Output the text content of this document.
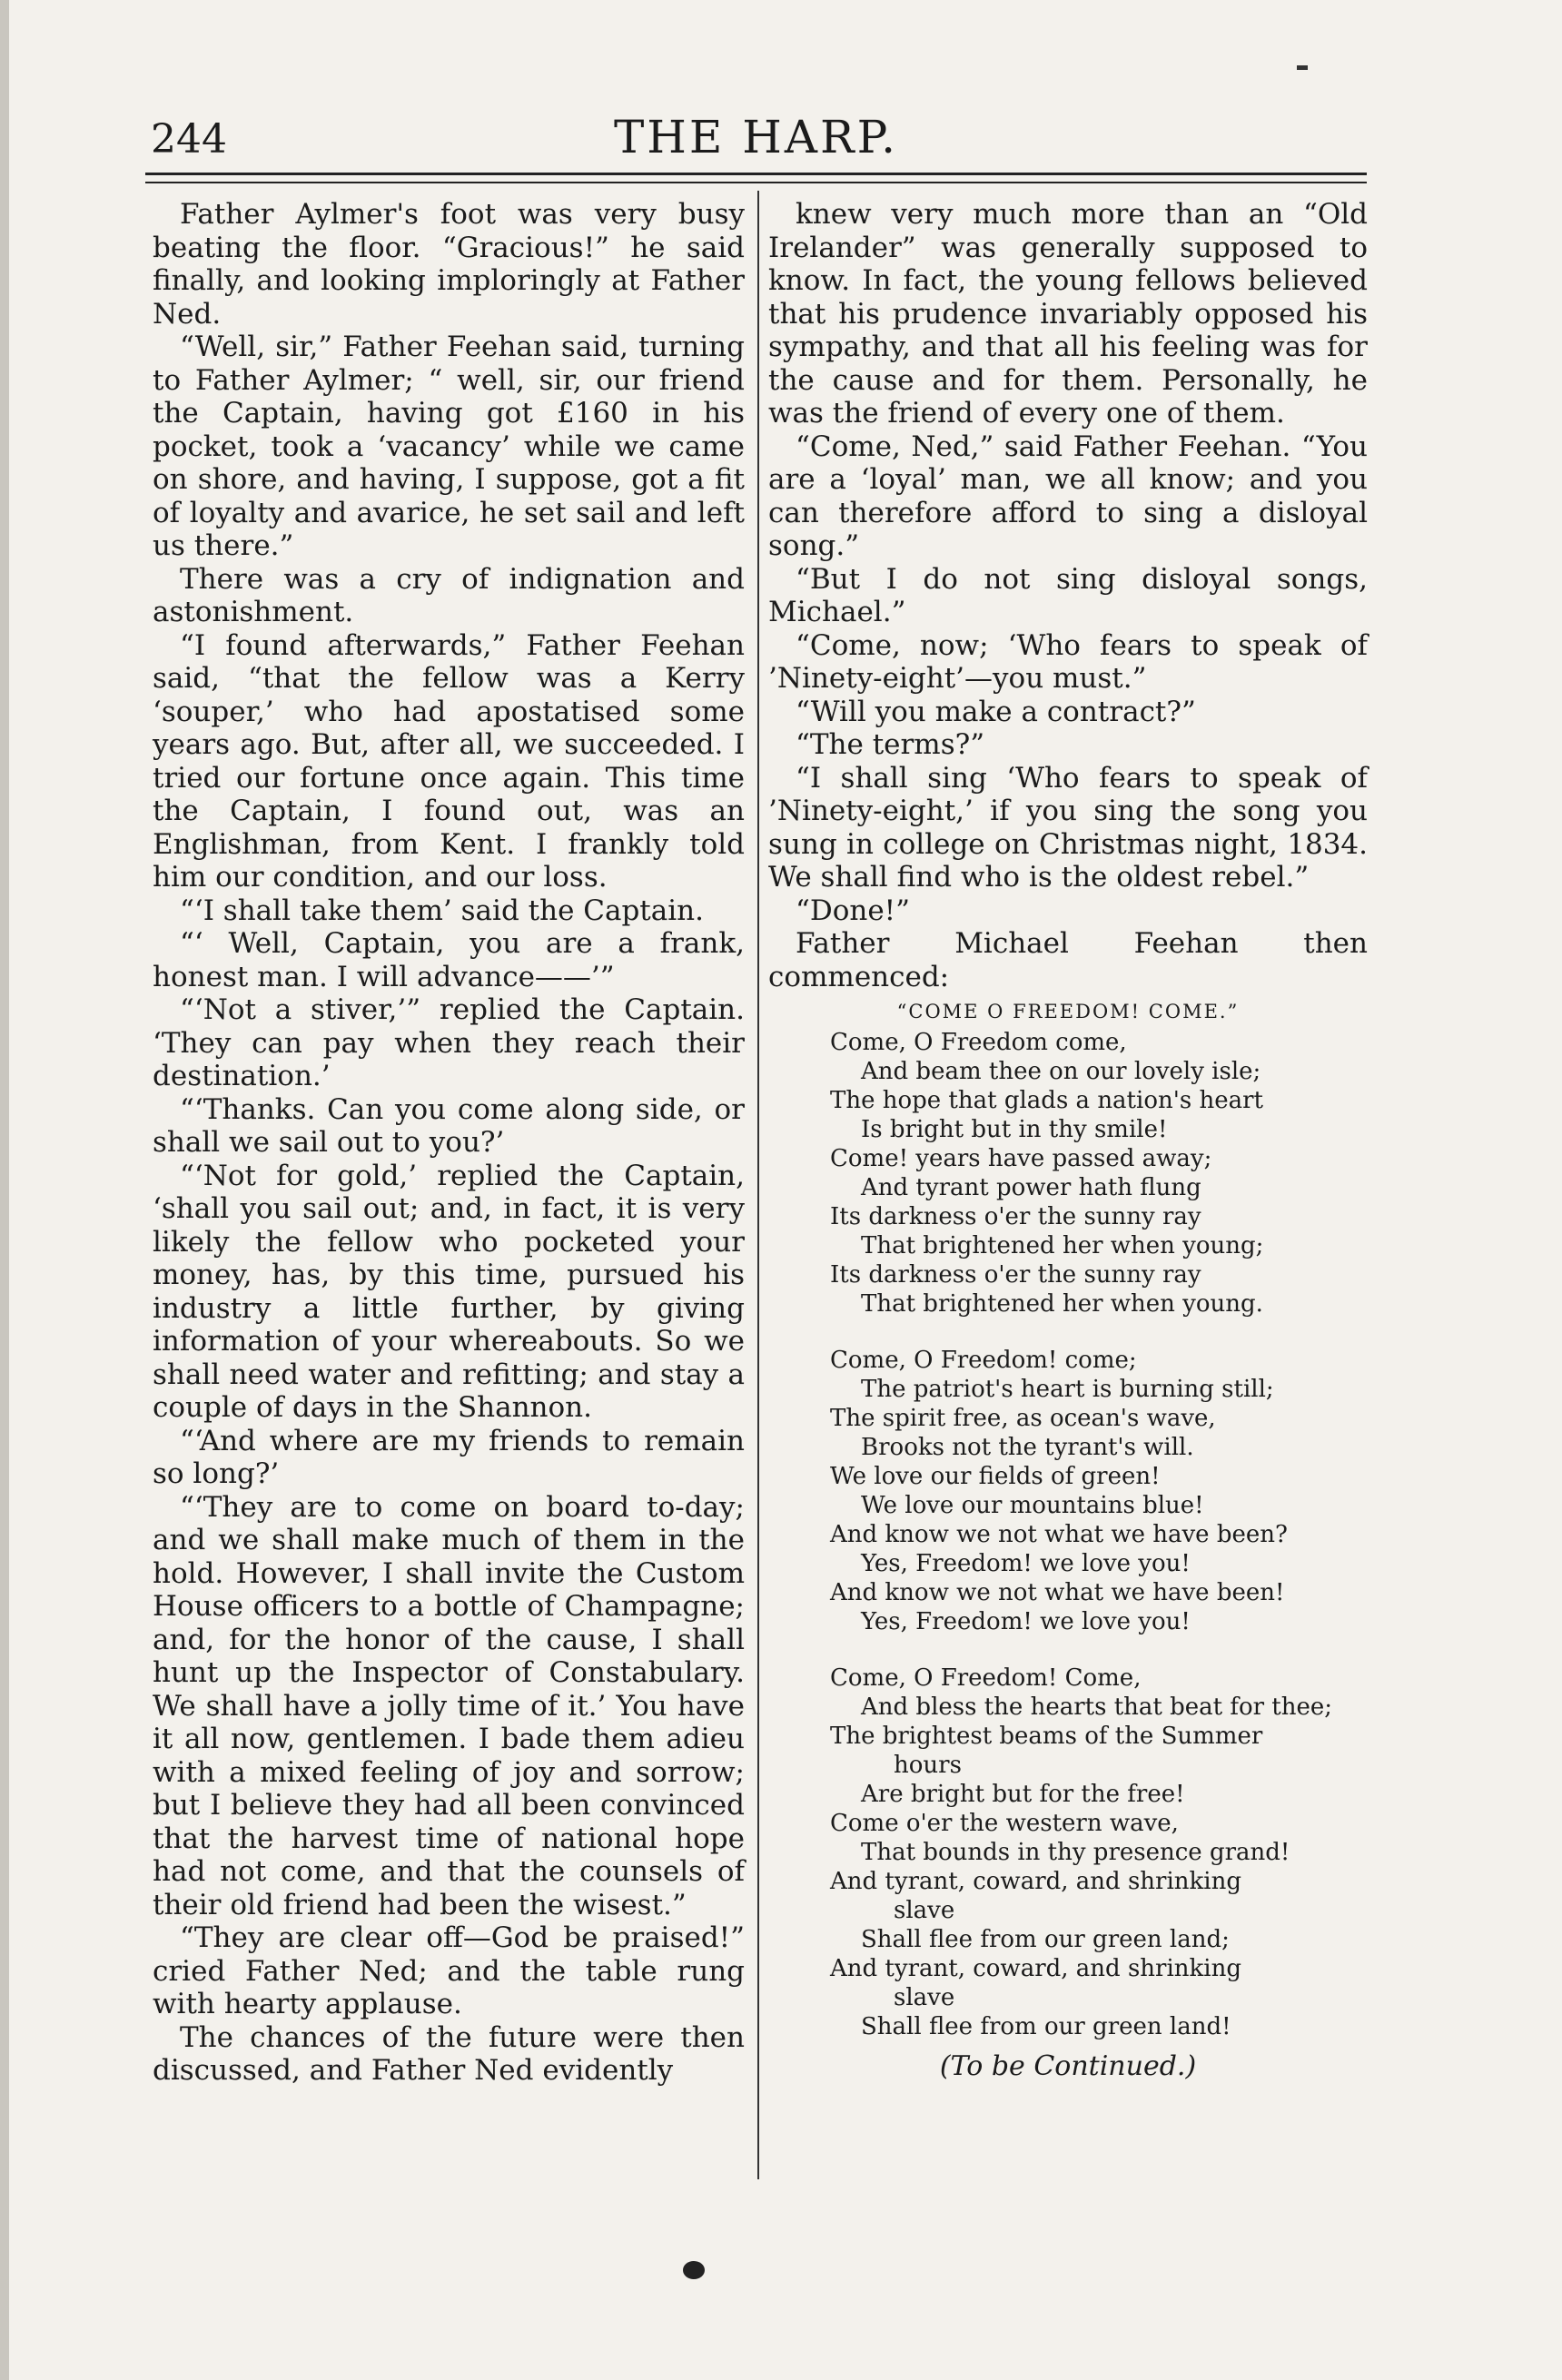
244	THE HARP.

Father Aylmer's foot was very busy beating the floor. “Gracious!” he said finally, and looking imploringly at Father Ned.

“Well, sir,” Father Feehan said, turning to Father Aylmer; “ well, sir, our friend the Captain, having got £160 in his pocket, took a ‘vacancy’ while we came on shore, and having, I suppose, got a fit of loyalty and avarice, he set sail and left us there.”

There was a cry of indignation and astonishment.

“I found afterwards,” Father Feehan said, “that the fellow was a Kerry ‘souper,’ who had apostatised some years ago. But, after all, we succeeded. I tried our fortune once again. This time the Captain, I found out, was an Englishman, from Kent. I frankly told him our condition, and our loss.

“‘I shall take them’ said the Captain.

“‘ Well, Captain, you are a frank, honest man. I will advance——’”

“‘Not a stiver,’” replied the Captain. ‘They can pay when they reach their destination.’

“‘Thanks. Can you come along side, or shall we sail out to you?’

“‘Not for gold,’ replied the Captain, ‘shall you sail out; and, in fact, it is very likely the fellow who pocketed your money, has, by this time, pursued his industry a little further, by giving information of your whereabouts. So we shall need water and refitting; and stay a couple of days in the Shannon.

“‘And where are my friends to remain so long?’

“‘They are to come on board to-day; and we shall make much of them in the hold. However, I shall invite the Custom House officers to a bottle of Champagne; and, for the honor of the cause, I shall hunt up the Inspector of Constabulary. We shall have a jolly time of it.’ You have it all now, gentlemen. I bade them adieu with a mixed feeling of joy and sorrow; but I believe they had all been convinced that the harvest time of national hope had not come, and that the counsels of their old friend had been the wisest.”

“They are clear off—God be praised!” cried Father Ned; and the table rung with hearty applause.

The chances of the future were then discussed, and Father Ned evidently

knew very much more than an “Old Irelander” was generally supposed to know. In fact, the young fellows believed that his prudence invariably opposed his sympathy, and that all his feeling was for the cause and for them. Personally, he was the friend of every one of them.

“Come, Ned,” said Father Feehan. “You are a ‘loyal’ man, we all know; and you can therefore afford to sing a disloyal song.”

“But I do not sing disloyal songs, Michael.”

“Come, now; ‘Who fears to speak of ’Ninety-eight’—you must.”

“Will you make a contract?”

“The terms?”

“I shall sing ‘Who fears to speak of ’Ninety-eight,’ if you sing the song you sung in college on Christmas night, 1834. We shall find who is the oldest rebel.”

“Done!”

Father Michael Feehan then commenced:

“COME O FREEDOM! COME.”
Come, O Freedom come,
And beam thee on our lovely isle;
The hope that glads a nation's heart
Is bright but in thy smile!
Come! years have passed away;
And tyrant power hath flung
Its darkness o'er the sunny ray
That brightened her when young;
Its darkness o'er the sunny ray
That brightened her when young.
Come, O Freedom! come;
The patriot's heart is burning still;
The spirit free, as ocean's wave,
Brooks not the tyrant's will.
We love our fields of green!
We love our mountains blue!
And know we not what we have been?
Yes, Freedom! we love you!
And know we not what we have been!
Yes, Freedom! we love you!
Come, O Freedom! Come,
And bless the hearts that beat for thee;
The brightest beams of the Summer
hours
Are bright but for the free!
Come o'er the western wave,
That bounds in thy presence grand!
And tyrant, coward, and shrinking
slave
Shall flee from our green land;
And tyrant, coward, and shrinking
slave
Shall flee from our green land!
(To be Continued.)
